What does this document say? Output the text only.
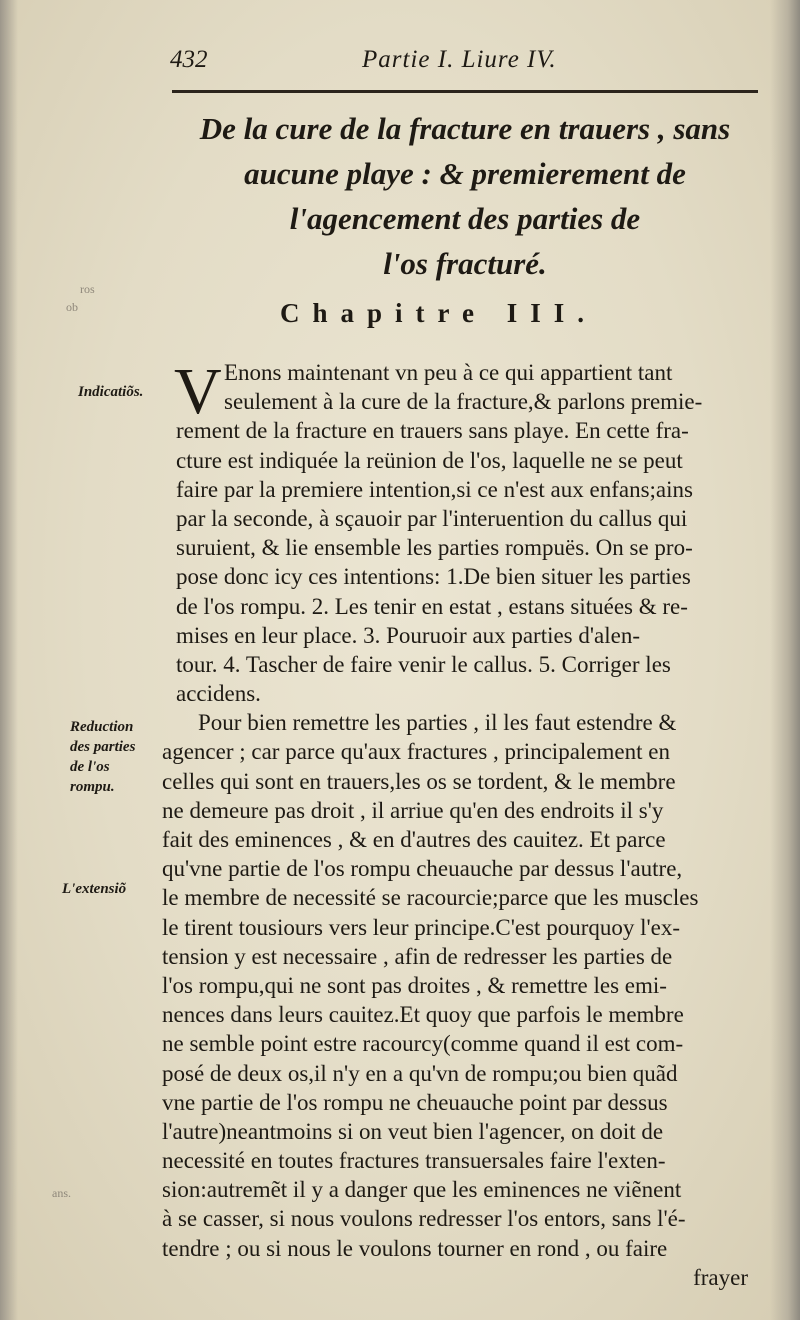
432	Partie I. Liure IV.
De la cure de la fracture en trauers , sans
aucune playe : & premierement de
l'agencement des parties de
l'os fracturé.
Chapitre III.
ros
ob
ans.
Indicatiõs.
Reduction
des parties
de l'os
rompu.
L'extensiõ
V Enons maintenant vn peu à ce qui appartient tant
seulement à la cure de la fracture,& parlons premie-
rement de la fracture en trauers sans playe. En cette fra-
cture est indiquée la reünion de l'os, laquelle ne se peut
faire par la premiere intention,si ce n'est aux enfans;ains
par la seconde, à sçauoir par l'interuention du callus qui
suruient, & lie ensemble les parties rompuës. On se pro-
pose donc icy ces intentions: 1.De bien situer les parties
de l'os rompu. 2. Les tenir en estat , estans situées & re-
mises en leur place. 3. Pouruoir aux parties d'alen-
tour. 4. Tascher de faire venir le callus. 5. Corriger les
accidens.
Pour bien remettre les parties , il les faut estendre &
agencer ; car parce qu'aux fractures , principalement en
celles qui sont en trauers,les os se tordent, & le membre
ne demeure pas droit , il arriue qu'en des endroits il s'y
fait des eminences , & en d'autres des cauitez. Et parce
qu'vne partie de l'os rompu cheuauche par dessus l'autre,
le membre de necessité se racourcie;parce que les muscles
le tirent tousiours vers leur principe.C'est pourquoy l'ex-
tension y est necessaire , afin de redresser les parties de
l'os rompu,qui ne sont pas droites , & remettre les emi-
nences dans leurs cauitez.Et quoy que parfois le membre
ne semble point estre racourcy(comme quand il est com-
posé de deux os,il n'y en a qu'vn de rompu;ou bien quãd
vne partie de l'os rompu ne cheuauche point par dessus
l'autre)neantmoins si on veut bien l'agencer, on doit de
necessité en toutes fractures transuersales faire l'exten-
sion:autremẽt il y a danger que les eminences ne viẽnent
à se casser, si nous voulons redresser l'os entors, sans l'é-
tendre ; ou si nous le voulons tourner en rond , ou faire
frayer
